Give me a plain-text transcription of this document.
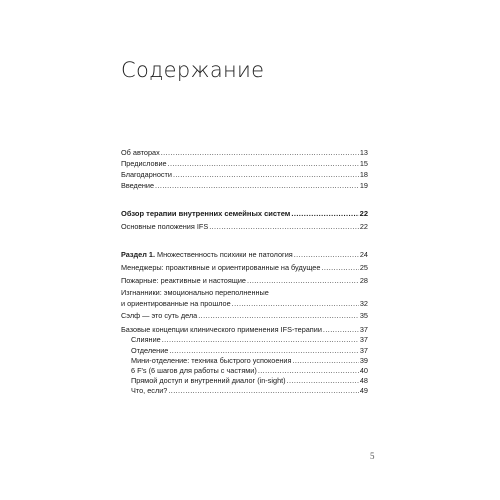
Содержание
Об авторах .....	13
Предисловие .....	15
Благодарности .....	18
Введение .....	19
Обзор терапии внутренних семейных систем .....	22
Основные положения IFS .....	22
Раздел 1. Множественность психики не патология .....	24
Менеджеры: проактивные и ориентированные на будущее .....	25
Пожарные: реактивные и настоящие .....	28
Изгнанники: эмоционально переполненные
и ориентированные на прошлое .....	32
Сэлф — это суть дела .....	35
Базовые концепции клинического применения IFS-терапии .....	37
Слияние .....	37
Отделение .....	37
Мини-отделение: техника быстрого успокоения .....	39
6 F's (6 шагов для работы с частями) .....	40
Прямой доступ и внутренний диалог (in-sight) .....	48
Что, если? .....	49
5
